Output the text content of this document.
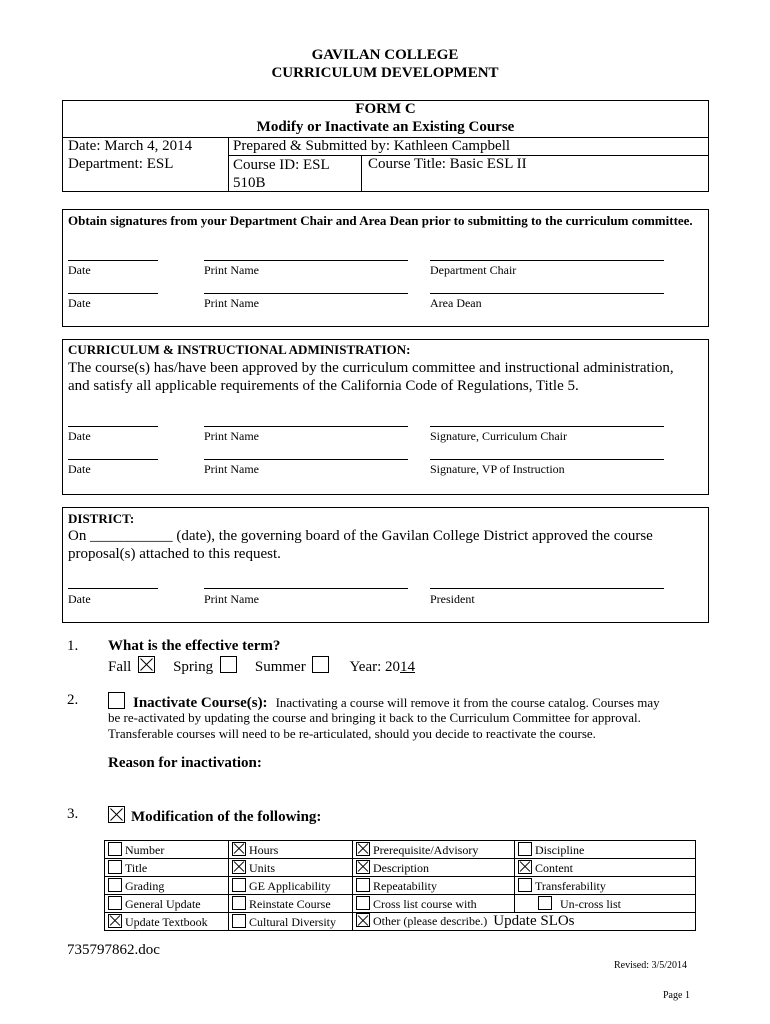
GAVILAN COLLEGE
CURRICULUM DEVELOPMENT
FORM C
Modify or Inactivate an Existing Course
Date: March 4, 2014
Department: ESL
Prepared & Submitted by: Kathleen Campbell
Course ID: ESL 510B
Course Title: Basic ESL II
Obtain signatures from your Department Chair and Area Dean prior to submitting to the curriculum committee.
Date	Print Name	Department Chair
Date	Print Name	Area Dean
CURRICULUM & INSTRUCTIONAL ADMINISTRATION:
The course(s) has/have been approved by the curriculum committee and instructional administration, and satisfy all applicable requirements of the California Code of Regulations, Title 5.
Date	Print Name	Signature, Curriculum Chair
Date	Print Name	Signature, VP of Instruction
DISTRICT:
On ___________ (date), the governing board of the Gavilan College District approved the course proposal(s) attached to this request.
Date	Print Name	President
1. What is the effective term?
Fall	Spring	Summer	Year: 2014
2.	Inactivate Course(s): Inactivating a course will remove it from the course catalog. Courses may
be re-activated by updating the course and bringing it back to the Curriculum Committee for approval.
Transferable courses will need to be re-articulated, should you decide to reactivate the course.
Reason for inactivation:
3.	Modification of the following:
Number	Hours	Prerequisite/Advisory	Discipline
Title	Units	Description	Content
Grading	GE Applicability	Repeatability	Transferability
General Update	Reinstate Course	Cross list course with	Un-cross list
Update Textbook	Cultural Diversity	Other (please describe.) Update SLOs	
735797862.doc
Revised: 3/5/2014
Page 1
